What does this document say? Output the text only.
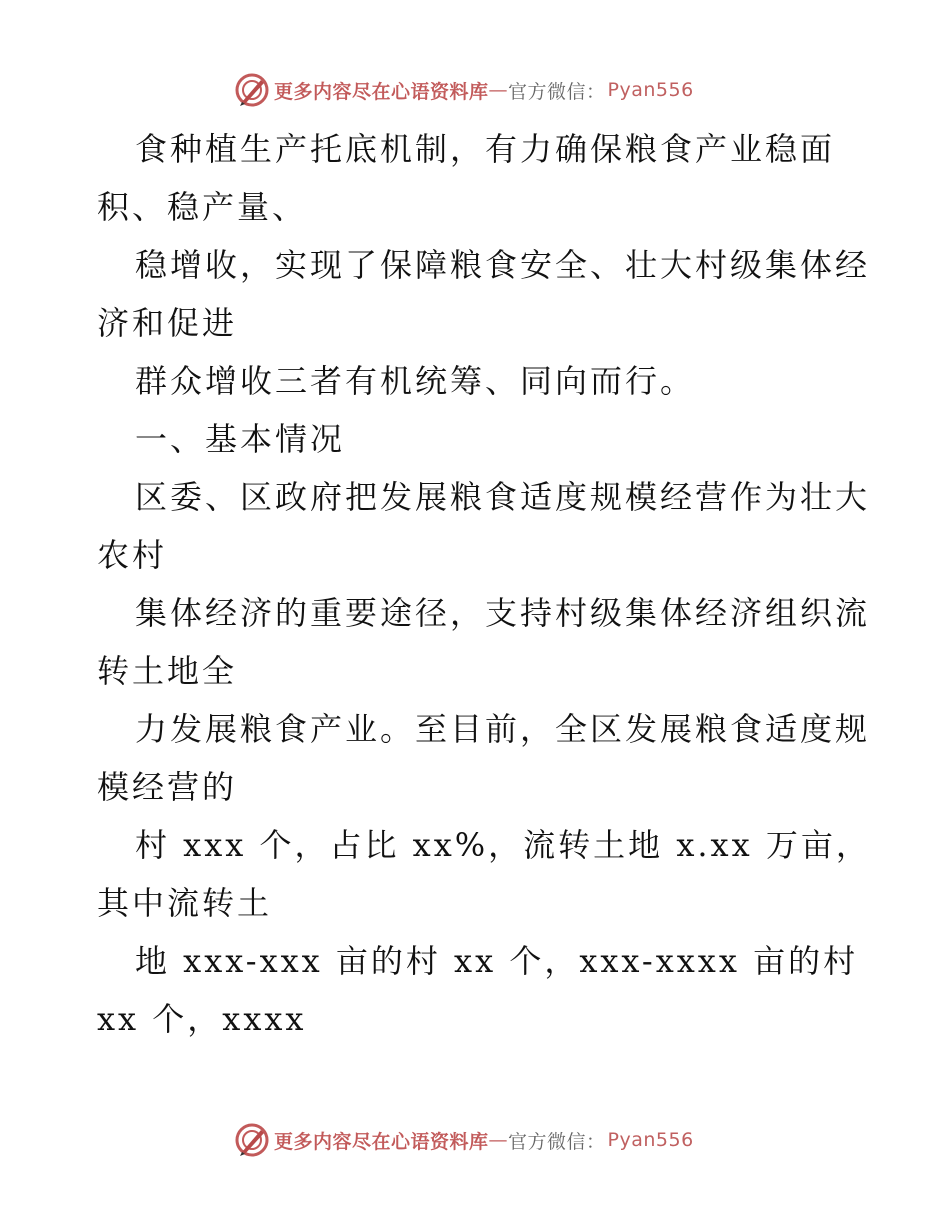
更多内容尽在心语资料库 — 官方微信： Pyan556
食种植生产托底机制，有力确保粮食产业稳面
积、稳产量、
稳增收，实现了保障粮食安全、壮大村级集体经
济和促进
群众增收三者有机统筹、同向而行。
一、基本情况
区委、区政府把发展粮食适度规模经营作为壮大
农村
集体经济的重要途径，支持村级集体经济组织流
转土地全
力发展粮食产业。至目前，全区发展粮食适度规
模经营的
村 xxx 个，占比 xx%，流转土地 x.xx 万亩，
其中流转土
地 xxx-xxx 亩的村 xx 个，xxx-xxxx 亩的村
xx 个，xxxx
更多内容尽在心语资料库 — 官方微信： Pyan556
